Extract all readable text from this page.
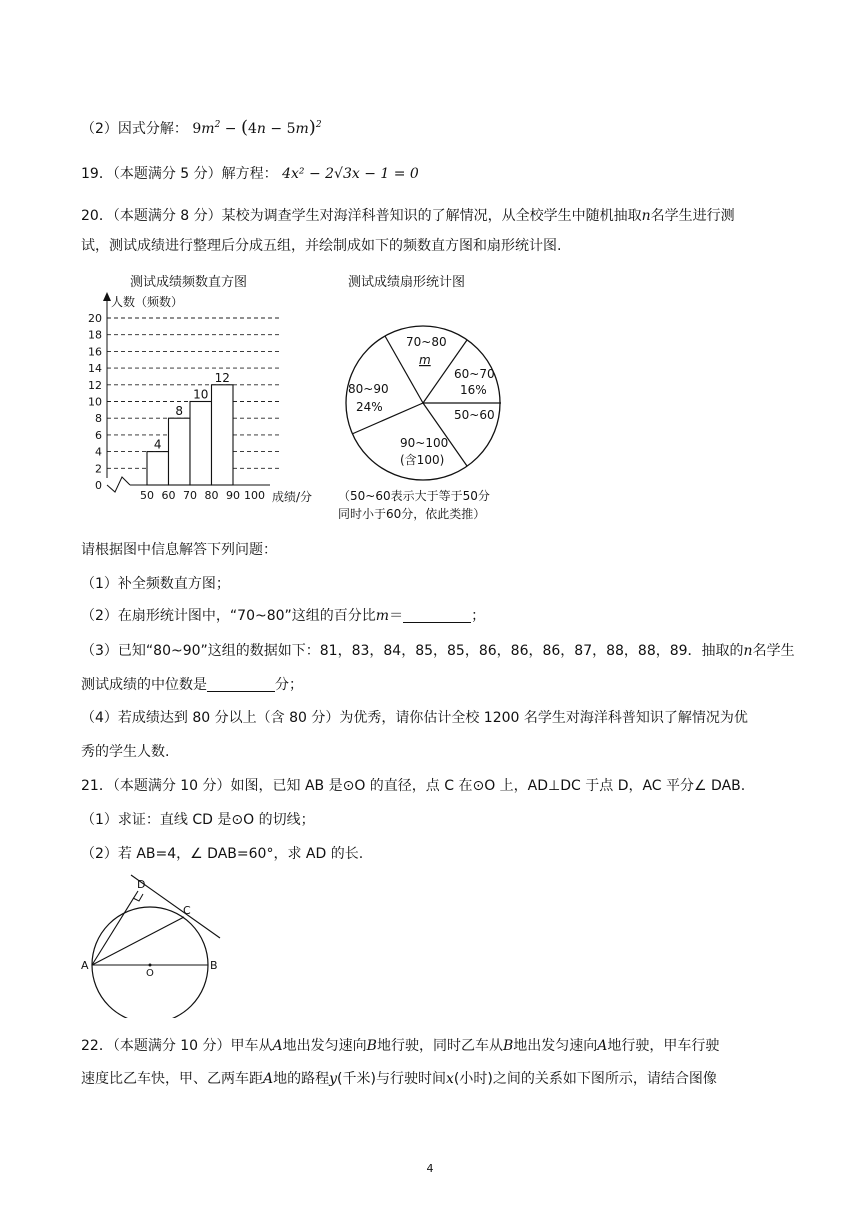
（2）因式分解： $9m^2 - (4n - 5m)^2$
19．（本题满分 5 分）解方程： 4x² − 2√3x − 1 = 0
20．（本题满分 8 分）某校为调查学生对海洋科普知识的了解情况，从全校学生中随机抽取n名学生进行测
试，测试成绩进行整理后分成五组，并绘制成如下的频数直方图和扇形统计图.
测试成绩频数直方图
0
2
4
6
8
10
12
14
16
18
20
50 60 70 80 90 100
4
8
10
12
人数（频数）
成绩/分
测试成绩扇形统计图
70~80
m
60~70
16%
50~60
90~100
(含100)
80~90
24%
（50~60表示大于等于50分
同时小于60分，依此类推）
请根据图中信息解答下列问题：
（1）补全频数直方图；
（2）在扇形统计图中，“70~80”这组的百分比m＝	；
（3）已知“80~90”这组的数据如下：81，83，84，85，85，86，86，86，87，88，88，89．抽取的n名学生
测试成绩的中位数是	分；
（4）若成绩达到 80 分以上（含 80 分）为优秀，请你估计全校 1200 名学生对海洋科普知识了解情况为优
秀的学生人数.
21．（本题满分 10 分）如图，已知 AB 是⊙O 的直径，点 C 在⊙O 上，AD⊥DC 于点 D，AC 平分∠ DAB.
（1）求证：直线 CD 是⊙O 的切线；
（2）若 AB=4，∠ DAB=60°，求 AD 的长.
D
C
A	B
O
22．（本题满分 10 分）甲车从A地出发匀速向B地行驶，同时乙车从B地出发匀速向A地行驶，甲车行驶
速度比乙车快，甲、乙两车距A地的路程y(千米)与行驶时间x(小时)之间的关系如下图所示，请结合图像
4
